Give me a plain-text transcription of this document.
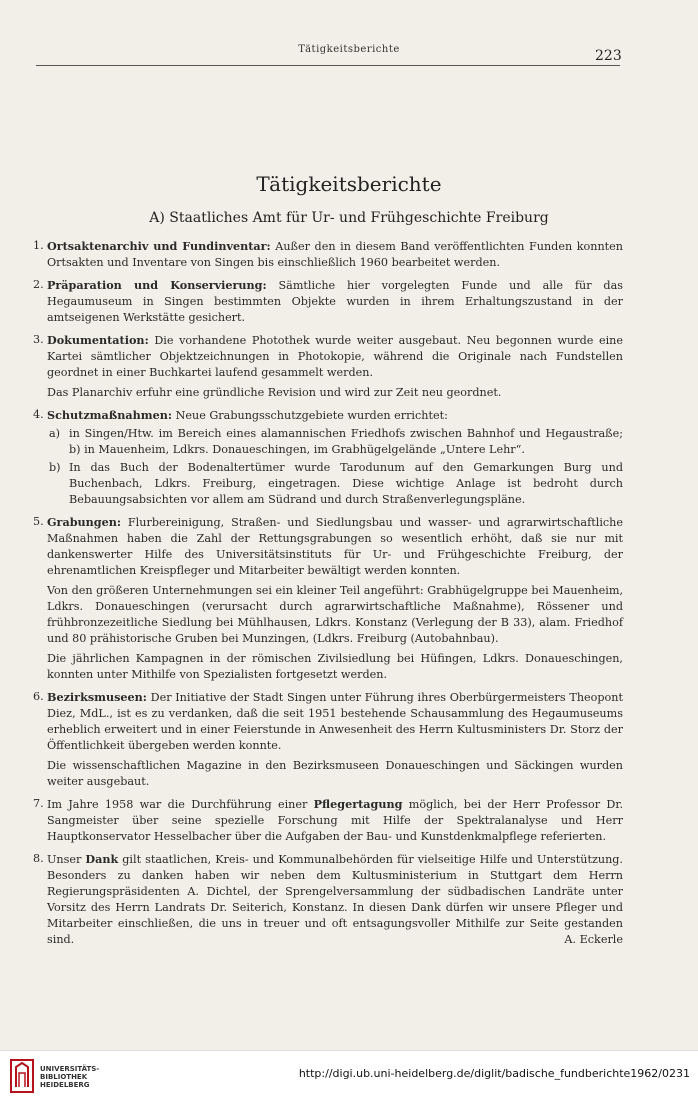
Tätigkeitsberichte	223
Tätigkeitsberichte
A) Staatliches Amt für Ur- und Frühgeschichte Freiburg
1. Ortsaktenarchiv und Fundinventar: Außer den in diesem Band veröffentlichten Funden konnten Ortsakten und Inventare von Singen bis einschließlich 1960 bearbeitet werden.

2. Präparation und Konservierung: Sämtliche hier vorgelegten Funde und alle für das Hegaumuseum in Singen bestimmten Objekte wurden in ihrem Erhaltungszustand in der amtseigenen Werkstätte gesichert.

3. Dokumentation: Die vorhandene Photothek wurde weiter ausgebaut. Neu begonnen wurde eine Kartei sämtlicher Objektzeichnungen in Photokopie, während die Originale nach Fundstellen geordnet in einer Buchkartei laufend gesammelt werden.

Das Planarchiv erfuhr eine gründliche Revision und wird zur Zeit neu geordnet.

4. Schutzmaßnahmen: Neue Grabungsschutzgebiete wurden errichtet:

a) in Singen/Htw. im Bereich eines alamannischen Friedhofs zwischen Bahnhof und Hegaustraße; b) in Mauenheim, Ldkrs. Donaueschingen, im Grabhügelgelände „Untere Lehr“.
b) In das Buch der Bodenaltertümer wurde Tarodunum auf den Gemarkungen Burg und Buchenbach, Ldkrs. Freiburg, eingetragen. Diese wichtige Anlage ist bedroht durch Bebauungsabsichten vor allem am Südrand und durch Straßenverlegungspläne.
5. Grabungen: Flurbereinigung, Straßen- und Siedlungsbau und wasser- und agrarwirtschaftliche Maßnahmen haben die Zahl der Rettungsgrabungen so wesentlich erhöht, daß sie nur mit dankenswerter Hilfe des Universitätsinstituts für Ur- und Frühgeschichte Freiburg, der ehrenamtlichen Kreispfleger und Mitarbeiter bewältigt werden konnten.

Von den größeren Unternehmungen sei ein kleiner Teil angeführt: Grabhügelgruppe bei Mauenheim, Ldkrs. Donaueschingen (verursacht durch agrarwirtschaftliche Maßnahme), Rössener und frühbronzezeitliche Siedlung bei Mühlhausen, Ldkrs. Konstanz (Verlegung der B 33), alam. Friedhof und 80 prähistorische Gruben bei Munzingen, (Ldkrs. Freiburg (Autobahnbau).

Die jährlichen Kampagnen in der römischen Zivilsiedlung bei Hüfingen, Ldkrs. Donaueschingen, konnten unter Mithilfe von Spezialisten fortgesetzt werden.

6. Bezirksmuseen: Der Initiative der Stadt Singen unter Führung ihres Oberbürgermeisters Theopont Diez, MdL., ist es zu verdanken, daß die seit 1951 bestehende Schausammlung des Hegaumuseums erheblich erweitert und in einer Feierstunde in Anwesenheit des Herrn Kultusministers Dr. Storz der Öffentlichkeit übergeben werden konnte.

Die wissenschaftlichen Magazine in den Bezirksmuseen Donaueschingen und Säckingen wurden weiter ausgebaut.

7. Im Jahre 1958 war die Durchführung einer Pflegertagung möglich, bei der Herr Professor Dr. Sangmeister über seine spezielle Forschung mit Hilfe der Spektralanalyse und Herr Hauptkonservator Hesselbacher über die Aufgaben der Bau- und Kunstdenkmalpflege referierten.

8. Unser Dank gilt staatlichen, Kreis- und Kommunalbehörden für vielseitige Hilfe und Unterstützung. Besonders zu danken haben wir neben dem Kultusministerium in Stuttgart dem Herrn Regierungspräsidenten A. Dichtel, der Sprengelversammlung der südbadischen Landräte unter Vorsitz des Herrn Landrats Dr. Seiterich, Konstanz. In diesen Dank dürfen wir unsere Pfleger und Mitarbeiter einschließen, die uns in treuer und oft entsagungsvoller Mithilfe zur Seite gestanden sind.	A. Eckerle
UNIVERSITÄTS-
BIBLIOTHEK
HEIDELBERG
http://digi.ub.uni-heidelberg.de/diglit/badische_fundberichte1962/0231
